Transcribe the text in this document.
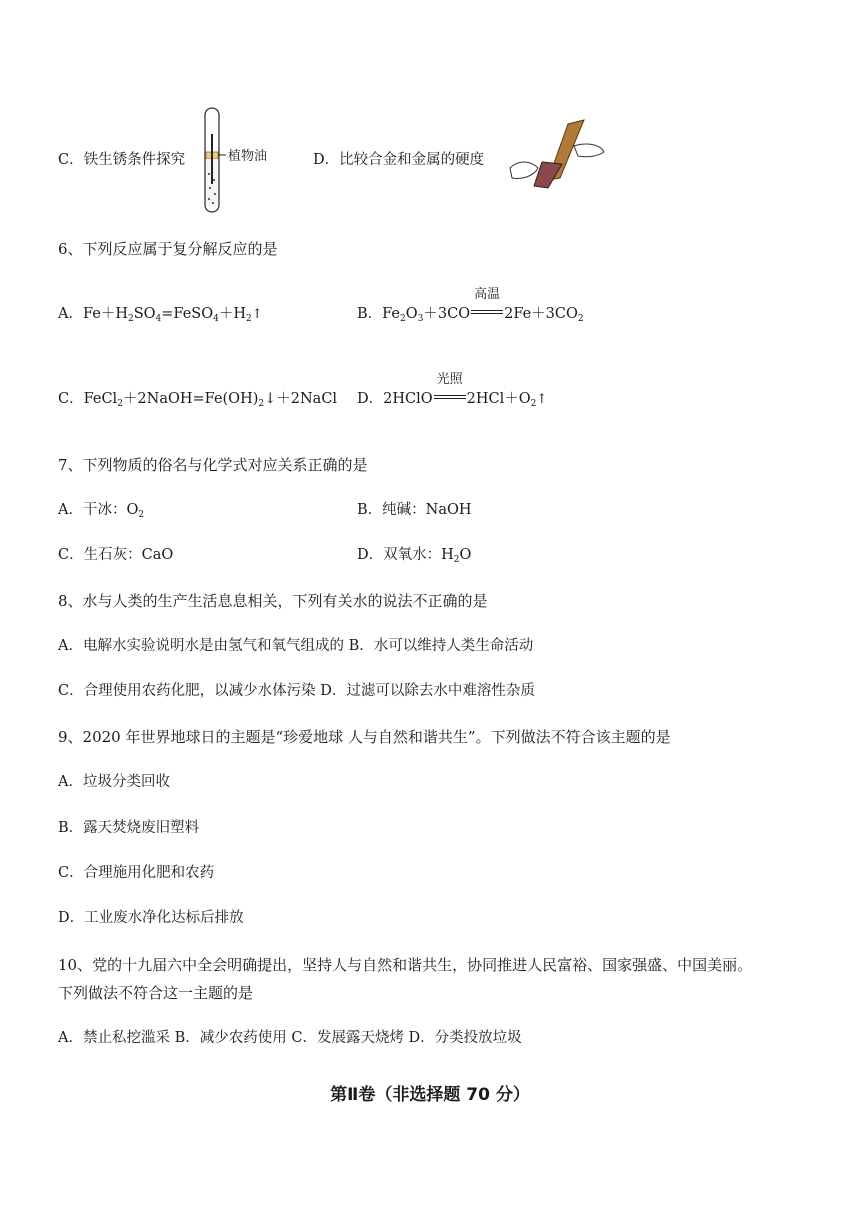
C．铁生锈条件探究	植物油	D．比较合金和金属的硬度
6、下列反应属于复分解反应的是
A．$Fe+H_2SO_4=FeSO_4+H_2↑$	B．$Fe_2O_3+3CO$
高温
$2Fe+3CO_2$
C．$FeCl_2+2NaOH=Fe(OH)_2↓+2NaCl$ D．2HClO
光照
$2HCl+O_2↑$
7、下列物质的俗名与化学式对应关系正确的是
A．干冰：$O_2$	B．纯碱：NaOH
C．生石灰：CaO	D．双氧水：$H_2O$
8、水与人类的生产生活息息相关，下列有关水的说法不正确的是
A．电解水实验说明水是由氢气和氧气组成的 B．水可以维持人类生命活动
C．合理使用农药化肥，以减少水体污染 D．过滤可以除去水中难溶性杂质
9、2020 年世界地球日的主题是“珍爱地球 人与自然和谐共生”。下列做法不符合该主题的是
A．垃圾分类回收
B．露天焚烧废旧塑料
C．合理施用化肥和农药
D．工业废水净化达标后排放
10、党的十九届六中全会明确提出，坚持人与自然和谐共生，协同推进人民富裕、国家强盛、中国美丽。
下列做法不符合这一主题的是
A．禁止私挖滥采 B．减少农药使用 C．发展露天烧烤 D．分类投放垃圾
第Ⅱ卷（非选择题 70 分）
